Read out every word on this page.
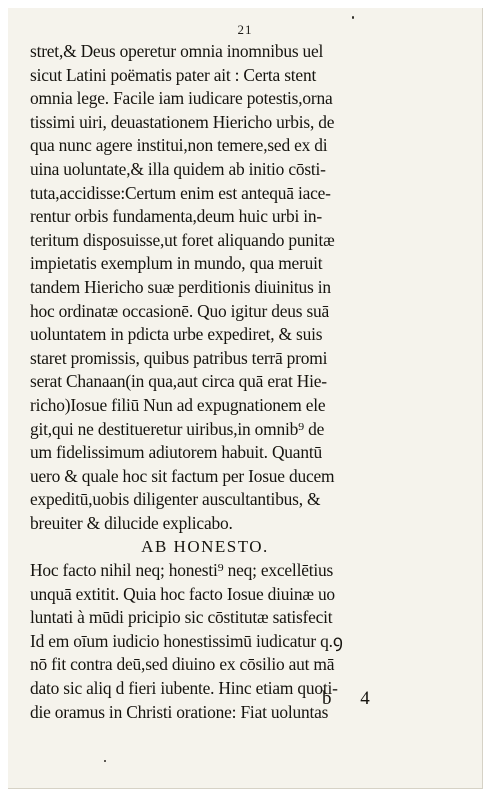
21
stret,& Deus operetur omnia inomnibus uel
sicut Latini poëmatis pater ait : Certa stent
omnia lege. Facile iam iudicare potestis,orna
tissimi uiri, deuastationem Hiericho urbis, de
qua nunc agere institui,non temere,sed ex di
uina uoluntate,& illa quidem ab initio cōsti-
tuta,accidisse:Certum enim est antequā iace-
rentur orbis fundamenta,deum huic urbi in-
teritum disposuisse,ut foret aliquando punitæ
impietatis exemplum in mundo, qua meruit
tandem Hiericho suæ perditionis diuinitus in
hoc ordinatæ occasionē. Quo igitur deus suā
uoluntatem in pdicta urbe expediret, & suis
staret promissis, quibus patribus terrā promi
serat Chanaan(in qua,aut circa quā erat Hie-
richo)Iosue filiū Nun ad expugnationem ele
git,qui ne destitueretur uiribus,in omnib⁹ de
um fidelissimum adiutorem habuit. Quantū
uero & quale hoc sit factum per Iosue ducem
expeditū,uobis diligenter auscultantibus, &
breuiter & dilucide explicabo.
AB HONESTO.
Hoc facto nihil neq; honesti⁹ neq; excellētius
unquā extitit. Quia hoc facto Iosue diuinæ uo
luntati à mūdi pricipio sic cōstitutæ satisfecit
Id em oīum iudicio honestissimū iudicatur q.ꝯ
nō fit contra deū,sed diuino ex cōsilio aut mā
dato sic aliq d fieri iubente. Hinc etiam quoti-
die oramus in Christi oratione: Fiat uoluntas
b 4
